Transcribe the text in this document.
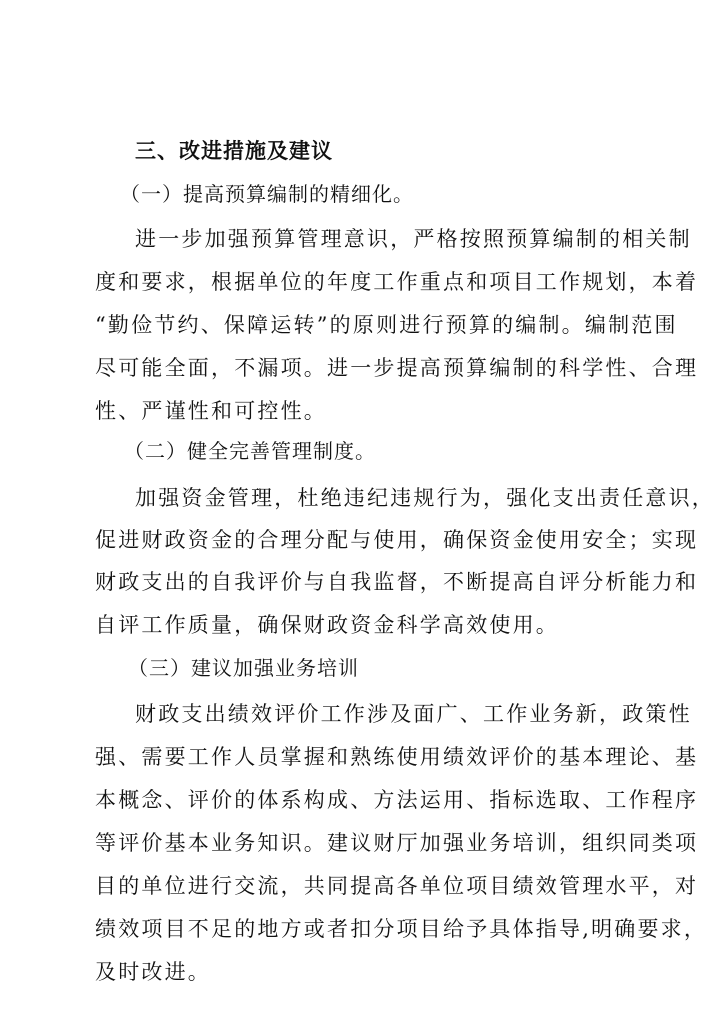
三、改进措施及建议
（一）提高预算编制的精细化。
进一步加强预算管理意识，严格按照预算编制的相关制
度和要求，根据单位的年度工作重点和项目工作规划，本着
“勤俭节约、保障运转”的原则进行预算的编制。编制范围
尽可能全面，不漏项。进一步提高预算编制的科学性、合理
性、严谨性和可控性。
（二）健全完善管理制度。
加强资金管理，杜绝违纪违规行为，强化支出责任意识，
促进财政资金的合理分配与使用，确保资金使用安全；实现
财政支出的自我评价与自我监督，不断提高自评分析能力和
自评工作质量，确保财政资金科学高效使用。
（三）建议加强业务培训
财政支出绩效评价工作涉及面广、工作业务新，政策性
强、需要工作人员掌握和熟练使用绩效评价的基本理论、基
本概念、评价的体系构成、方法运用、指标选取、工作程序
等评价基本业务知识。建议财厅加强业务培训，组织同类项
目的单位进行交流，共同提高各单位项目绩效管理水平，对
绩效项目不足的地方或者扣分项目给予具体指导,明确要求，
及时改进。
